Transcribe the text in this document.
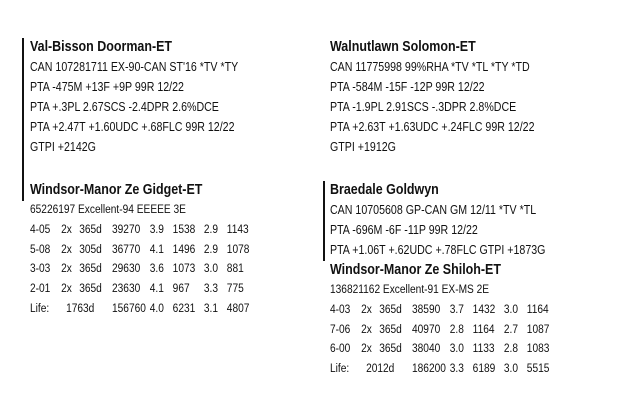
Val-Bisson Doorman-ET
CAN 107281711 EX-90-CAN ST'16 *TV *TY
PTA -475M +13F +9P 99R 12/22
PTA +.3PL 2.67SCS -2.4DPR 2.6%DCE
PTA +2.47T +1.60UDC +.68FLC 99R 12/22
GTPI +2142G
Windsor-Manor Ze Gidget-ET
65226197 Excellent-94 EEEEE 3E
4-05 2x 365d 39270 3.9 1538 2.9 1143
5-08 2x 305d 36770 4.1 1496 2.9 1078
3-03 2x 365d 29630 3.6 1073 3.0 881
2-01 2x 365d 23630 4.1 967 3.3 775
Life: 1763d 156760 4.0 6231 3.1 4807
Walnutlawn Solomon-ET
CAN 11775998 99%RHA *TV *TL *TY *TD
PTA -584M -15F -12P 99R 12/22
PTA -1.9PL 2.91SCS -.3DPR 2.8%DCE
PTA +2.63T +1.63UDC +.24FLC 99R 12/22
GTPI +1912G
Braedale Goldwyn
CAN 10705608 GP-CAN GM 12/11 *TV *TL
PTA -696M -6F -11P 99R 12/22
PTA +1.06T +.62UDC +.78FLC GTPI +1873G
Windsor-Manor Ze Shiloh-ET
136821162 Excellent-91 EX-MS 2E
4-03 2x 365d 38590 3.7 1432 3.0 1164
7-06 2x 365d 40970 2.8 1164 2.7 1087
6-00 2x 365d 38040 3.0 1133 2.8 1083
Life: 2012d 186200 3.3 6189 3.0 5515
